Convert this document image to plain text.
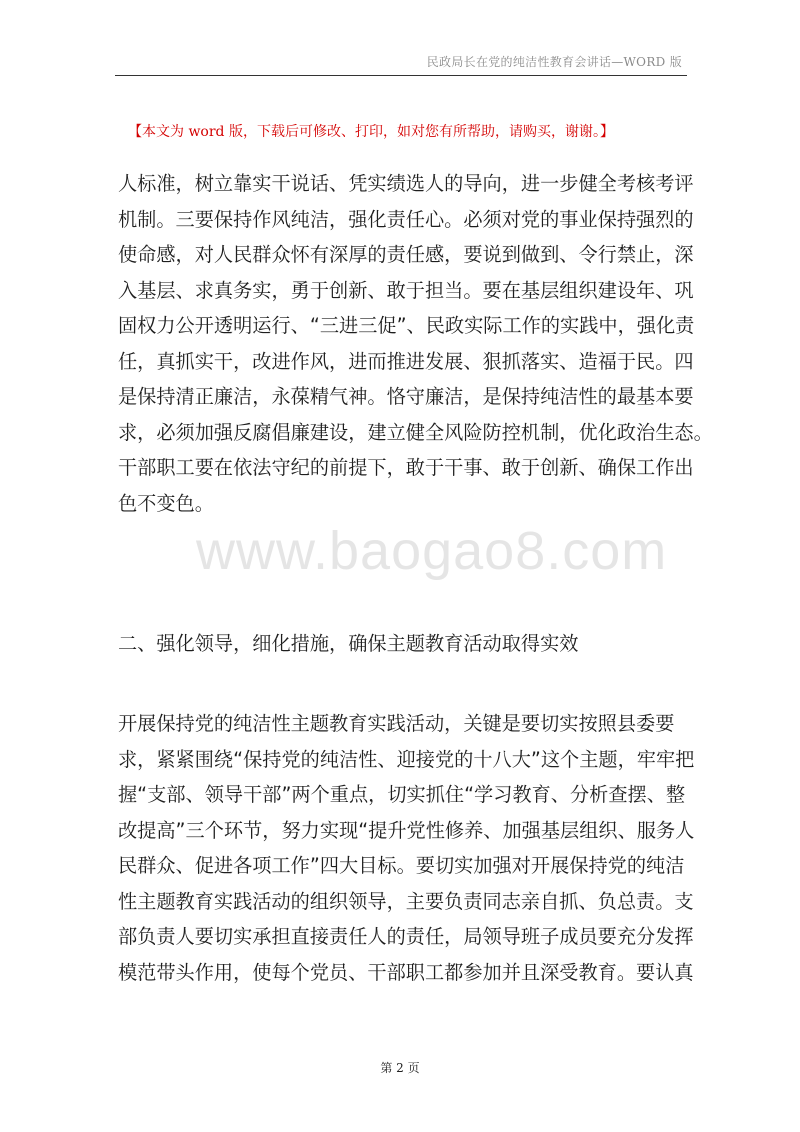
民政局长在党的纯洁性教育会讲话—WORD 版
【本文为 word 版，下载后可修改、打印，如对您有所帮助，请购买，谢谢。】
人标准，树立靠实干说话、凭实绩选人的导向，进一步健全考核考评
机制。三要保持作风纯洁，强化责任心。必须对党的事业保持强烈的
使命感，对人民群众怀有深厚的责任感，要说到做到、令行禁止，深
入基层、求真务实，勇于创新、敢于担当。要在基层组织建设年、巩
固权力公开透明运行、“三进三促”、民政实际工作的实践中，强化责
任，真抓实干，改进作风，进而推进发展、狠抓落实、造福于民。四
是保持清正廉洁，永葆精气神。恪守廉洁，是保持纯洁性的最基本要
求，必须加强反腐倡廉建设，建立健全风险防控机制，优化政治生态。
干部职工要在依法守纪的前提下，敢于干事、敢于创新、确保工作出
色不变色。
二、强化领导，细化措施，确保主题教育活动取得实效
开展保持党的纯洁性主题教育实践活动，关键是要切实按照县委要
求，紧紧围绕“保持党的纯洁性、迎接党的十八大”这个主题，牢牢把
握“支部、领导干部”两个重点，切实抓住“学习教育、分析查摆、整
改提高”三个环节，努力实现“提升党性修养、加强基层组织、服务人
民群众、促进各项工作”四大目标。要切实加强对开展保持党的纯洁
性主题教育实践活动的组织领导，主要负责同志亲自抓、负总责。支
部负责人要切实承担直接责任人的责任，局领导班子成员要充分发挥
模范带头作用，使每个党员、干部职工都参加并且深受教育。要认真
www.baogao8.com
第 2 页
